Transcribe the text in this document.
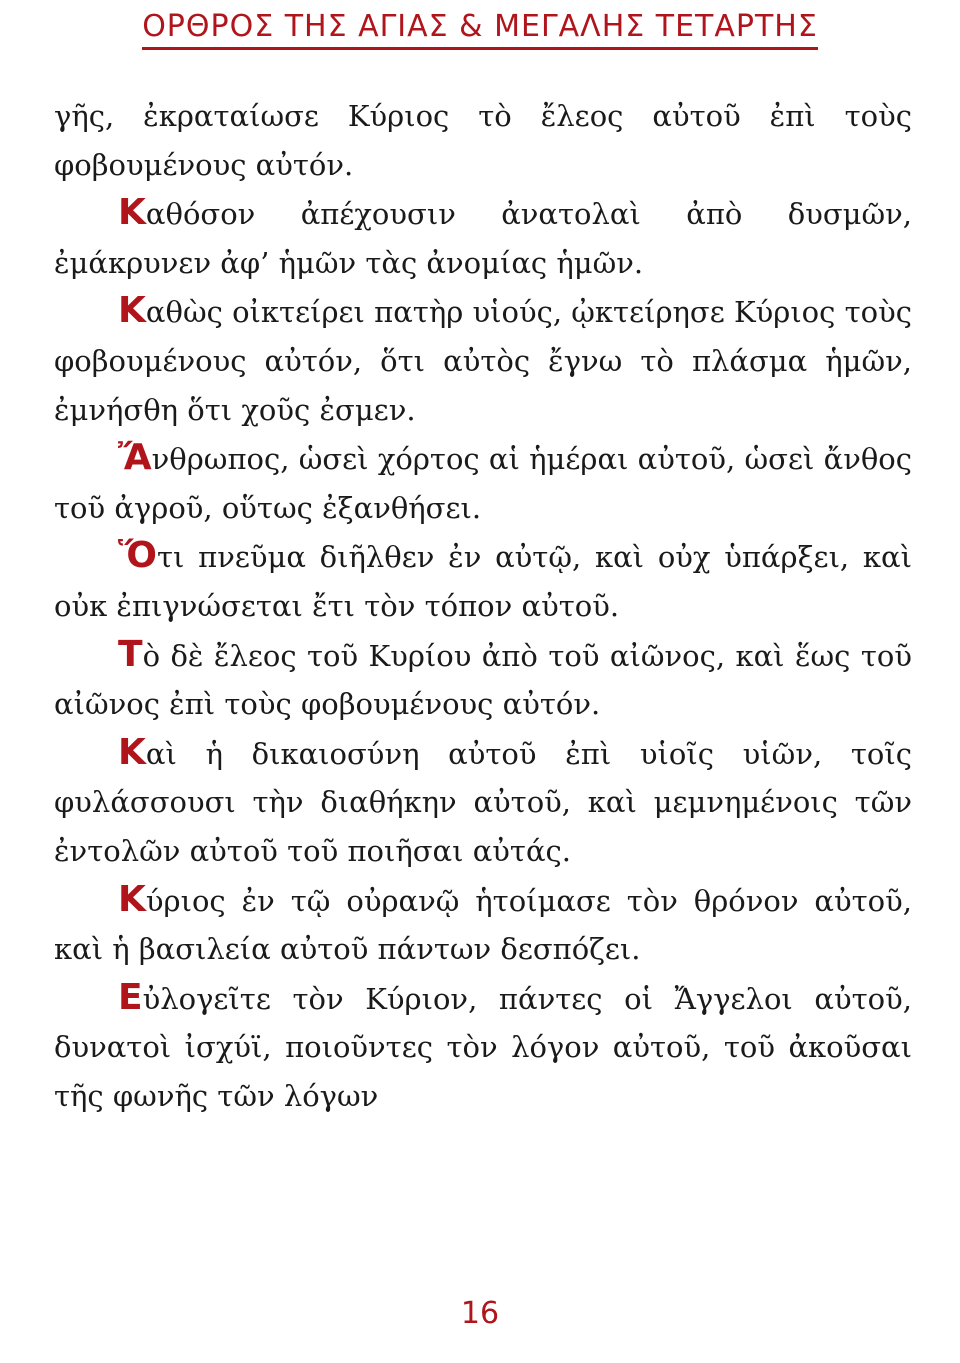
ΟΡΘΡΟΣ ΤΗΣ ΑΓΙΑΣ & ΜΕΓΑΛΗΣ ΤΕΤΑΡΤΗΣ

γῆς, ἐκραταίωσε Κύριος τὸ ἔλεος αὐτοῦ ἐπὶ τοὺς φοβουμένους αὐτόν.

Καθόσον ἀπέχουσιν ἀνατολαὶ ἀπὸ δυσμῶν, ἐμάκρυνεν ἀφ’ ἡμῶν τὰς ἀνομίας ἡμῶν.

Καθὼς οἰκτείρει πατὴρ υἱούς, ᾠκτείρησε Κύριος τοὺς φοβουμένους αὐτόν, ὅτι αὐτὸς ἔγνω τὸ πλάσμα ἡμῶν, ἐμνήσθη ὅτι χοῦς ἐσμεν.

Ἄνθρωπος, ὡσεὶ χόρτος αἱ ἡμέραι αὐτοῦ, ὡσεὶ ἄνθος τοῦ ἀγροῦ, οὕτως ἐξανθήσει.

Ὅτι πνεῦμα διῆλθεν ἐν αὐτῷ, καὶ οὐχ ὑπάρξει, καὶ οὐκ ἐπιγνώσεται ἔτι τὸν τόπον αὐτοῦ.

Τὸ δὲ ἔλεος τοῦ Κυρίου ἀπὸ τοῦ αἰῶνος, καὶ ἕως τοῦ αἰῶνος ἐπὶ τοὺς φοβουμένους αὐτόν.

Καὶ ἡ δικαιοσύνη αὐτοῦ ἐπὶ υἱοῖς υἱῶν, τοῖς φυλάσσουσι τὴν διαθήκην αὐτοῦ, καὶ μεμνημένοις τῶν ἐντολῶν αὐτοῦ τοῦ ποιῆσαι αὐτάς.

Κύριος ἐν τῷ οὐρανῷ ἡτοίμασε τὸν θρόνον αὐτοῦ, καὶ ἡ βασιλεία αὐτοῦ πάντων δεσπόζει.

Εὐλογεῖτε τὸν Κύριον, πάντες οἱ Ἄγγελοι αὐτοῦ, δυνατοὶ ἰσχύϊ, ποιοῦντες τὸν λόγον αὐτοῦ, τοῦ ἀκοῦσαι τῆς φωνῆς τῶν λόγων

16
